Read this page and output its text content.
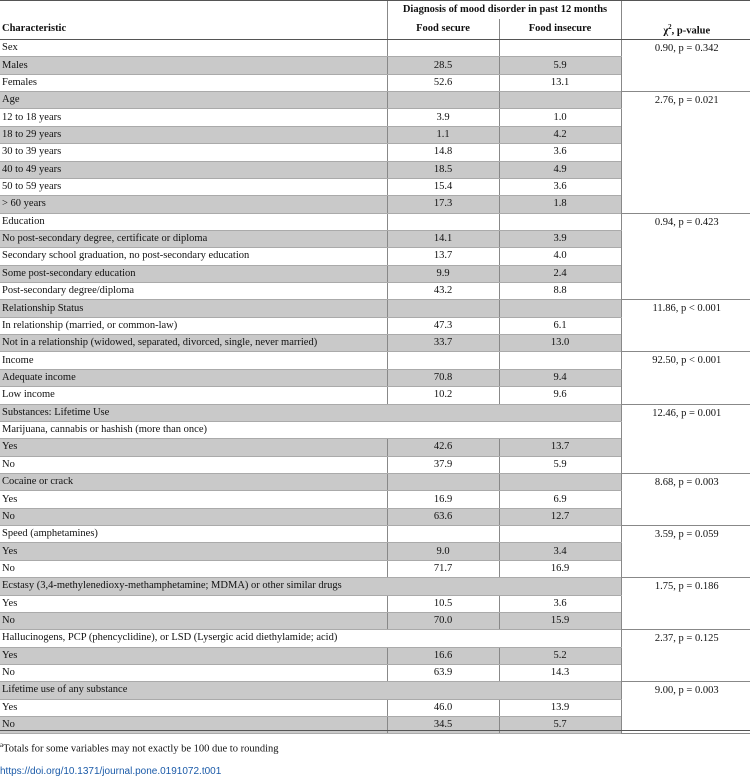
	Diagnosis of mood disorder in past 12 months		
Characteristic	Food secure	Food insecure	$\chi^2$, p-value
Sex			0.90, p = 0.342
Males	28.5	5.9	
Females	52.6	13.1	
Age			2.76, p = 0.021
12 to 18 years	3.9	1.0	
18 to 29 years	1.1	4.2	
30 to 39 years	14.8	3.6	
40 to 49 years	18.5	4.9	
50 to 59 years	15.4	3.6	
> 60 years	17.3	1.8	
Education			0.94, p = 0.423
No post-secondary degree, certificate or diploma	14.1	3.9	
Secondary school graduation, no post-secondary education	13.7	4.0	
Some post-secondary education	9.9	2.4	
Post-secondary degree/diploma	43.2	8.8	
Relationship Status			11.86, p < 0.001
In relationship (married, or common-law)	47.3	6.1	
Not in a relationship (widowed, separated, divorced, single, never married)	33.7	13.0	
Income			92.50, p < 0.001
Adequate income	70.8	9.4	
Low income	10.2	9.6	
Substances: Lifetime Use			12.46, p = 0.001
Marijuana, cannabis or hashish (more than once)			
Yes	42.6	13.7	
No	37.9	5.9	
Cocaine or crack			8.68, p = 0.003
Yes	16.9	6.9	
No	63.6	12.7	
Speed (amphetamines)			3.59, p = 0.059
Yes	9.0	3.4	
No	71.7	16.9	
Ecstasy (3,4-methylenedioxy-methamphetamine; MDMA) or other similar drugs			1.75, p = 0.186
Yes	10.5	3.6	
No	70.0	15.9	
Hallucinogens, PCP (phencyclidine), or LSD (Lysergic acid diethylamide; acid)			2.37, p = 0.125
Yes	16.6	5.2	
No	63.9	14.3	
Lifetime use of any substance			9.00, p = 0.003
Yes	46.0	13.9	
No	34.5	5.7	
$^a$Totals for some variables may not exactly be 100 due to rounding
https://doi.org/10.1371/journal.pone.0191072.t001
